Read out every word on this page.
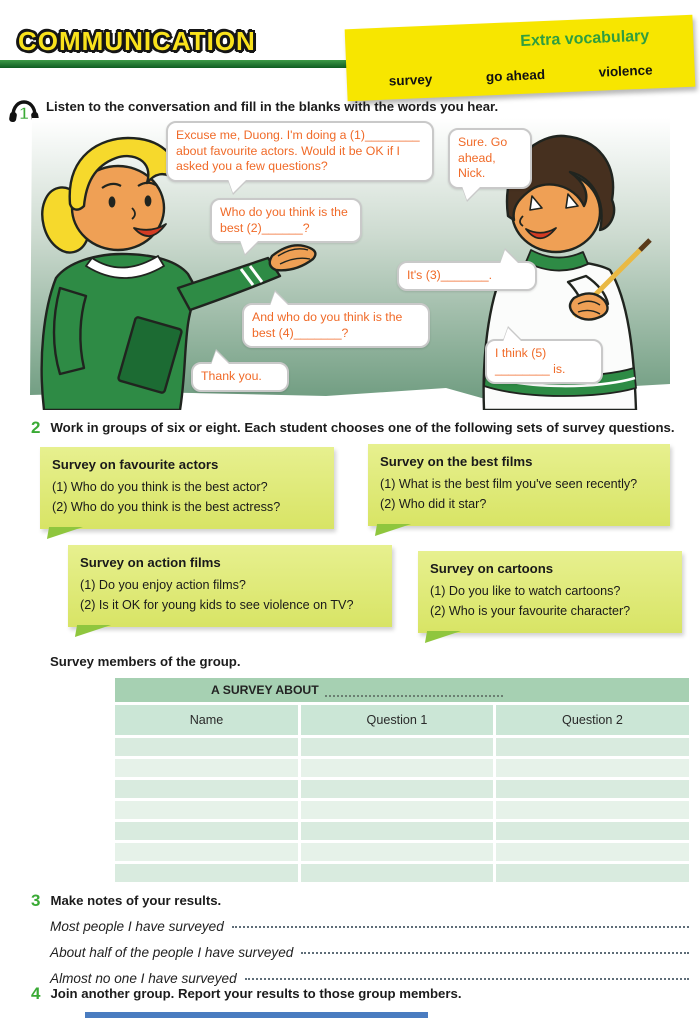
COMMUNICATION	Extra vocabulary
survey	go ahead	violence
1 Listen to the conversation and fill in the blanks with the words you hear.
Excuse me, Duong. I'm doing a (1)________ about favourite actors. Would it be OK if I asked you a few questions?
Sure. Go ahead, Nick.
Who do you think is the best (2)______?
It's (3)_______.
And who do you think is the best (4)_______?
I think (5) ________ is.
Thank you.
2 Work in groups of six or eight. Each student chooses one of the following sets of survey questions.
Survey on favourite actors
(1) Who do you think is the best actor?
(2) Who do you think is the best actress?
Survey on the best films
(1) What is the best film you've seen recently?
(2) Who did it star?
Survey on action films
(1) Do you enjoy action films?
(2) Is it OK for young kids to see violence on TV?
Survey on cartoons
(1) Do you like to watch cartoons?
(2) Who is your favourite character?
Survey members of the group.
A SURVEY ABOUT
Name	Question 1	Question 2
3 Make notes of your results.
Most people I have surveyed
About half of the people I have surveyed
Almost no one I have surveyed
4 Join another group. Report your results to those group members.
